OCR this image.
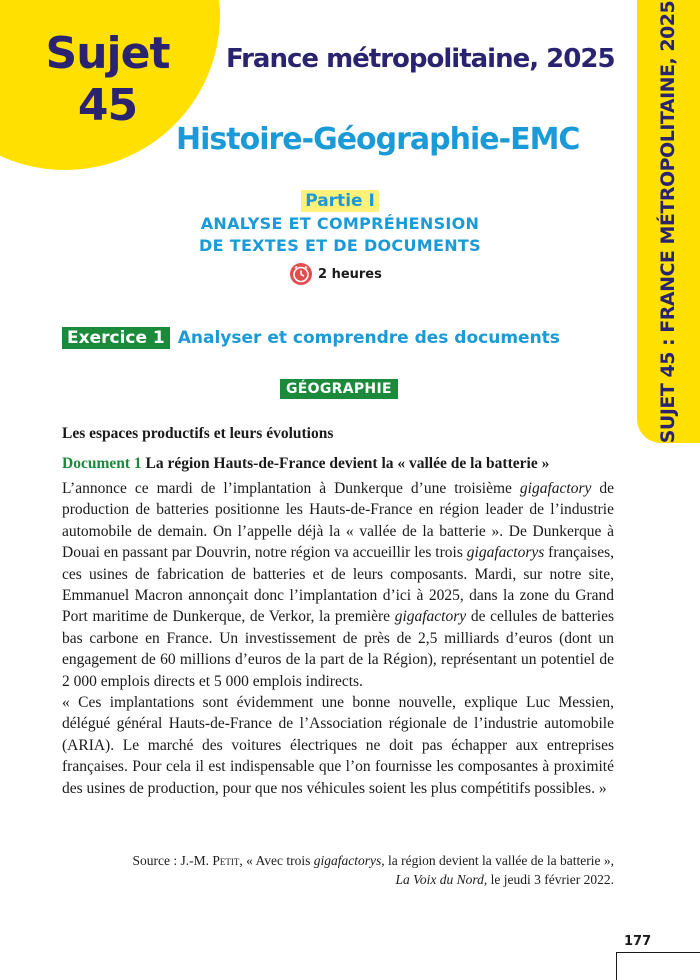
Sujet
45
France métropolitaine, 2025
Histoire-Géographie-EMC
Partie I
ANALYSE ET COMPRÉHENSION
DE TEXTES ET DE DOCUMENTS
2 heures
Exercice 1 Analyser et comprendre des documents
GÉOGRAPHIE
Les espaces productifs et leurs évolutions
Document 1 La région Hauts-de-France devient la « vallée de la batterie »

L’annonce ce mardi de l’implantation à Dunkerque d’une troisième gigafactory de production de batteries positionne les Hauts-de-France en région leader de l’industrie automobile de demain. On l’appelle déjà la « vallée de la batterie ». De Dunkerque à Douai en passant par Douvrin, notre région va accueillir les trois gigafactorys françaises, ces usines de fabrication de batteries et de leurs composants. Mardi, sur notre site, Emmanuel Macron annonçait donc l’implantation d’ici à 2025, dans la zone du Grand Port maritime de Dunkerque, de Verkor, la première gigafactory de cellules de batteries bas carbone en France. Un investissement de près de 2,5 milliards d’euros (dont un engagement de 60 millions d’euros de la part de la Région), représentant un potentiel de 2 000 emplois directs et 5 000 emplois indirects.

« Ces implantations sont évidemment une bonne nouvelle, explique Luc Messien, délégué général Hauts-de-France de l’Association régionale de l’industrie automobile (ARIA). Le marché des voitures électriques ne doit pas échapper aux entreprises françaises. Pour cela il est indispensable que l’on fournisse les composantes à proximité des usines de production, pour que nos véhicules soient les plus compétitifs possibles. »

Source : J.-M. Petit, « Avec trois gigafactorys, la région devient la vallée de la batterie »,
La Voix du Nord, le jeudi 3 février 2022.
SUJET 45 : FRANCE MÉTROPOLITAINE, 2025
177
